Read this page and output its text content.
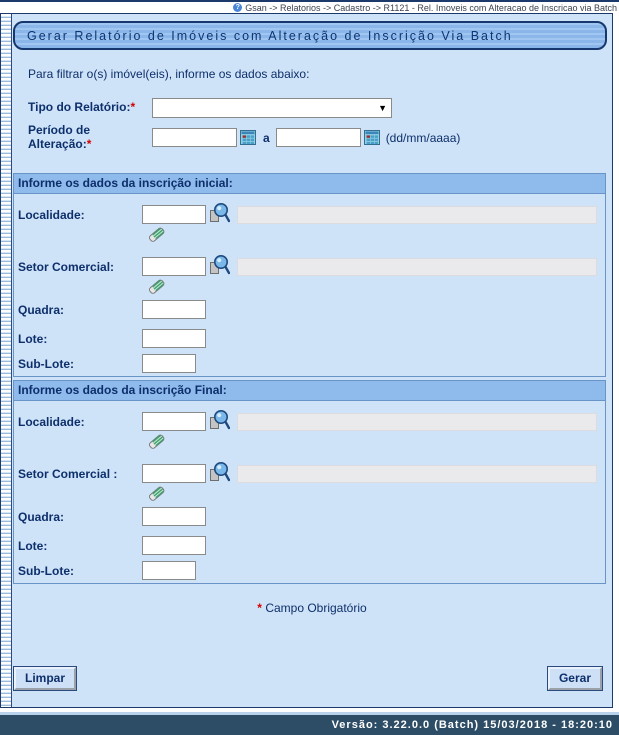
? Gsan -> Relatorios -> Cadastro -> R1121 - Rel. Imoveis com Alteracao de Inscricao via Batch
Gerar Relatório de Imóveis com Alteração de Inscrição Via Batch
Para filtrar o(s) imóvel(eis), informe os dados abaixo:
Tipo do Relatório:*	▼
Período de Alteração:*	a	(dd/mm/aaaa)
Informe os dados da inscrição inicial:
Localidade:
Setor Comercial:
Quadra:
Lote:
Sub-Lote:
Informe os dados da inscrição Final:
Localidade:
Setor Comercial :
Quadra:
Lote:
Sub-Lote:
* Campo Obrigatório
Limpar	Gerar
Versão: 3.22.0.0 (Batch) 15/03/2018 - 18:20:10
